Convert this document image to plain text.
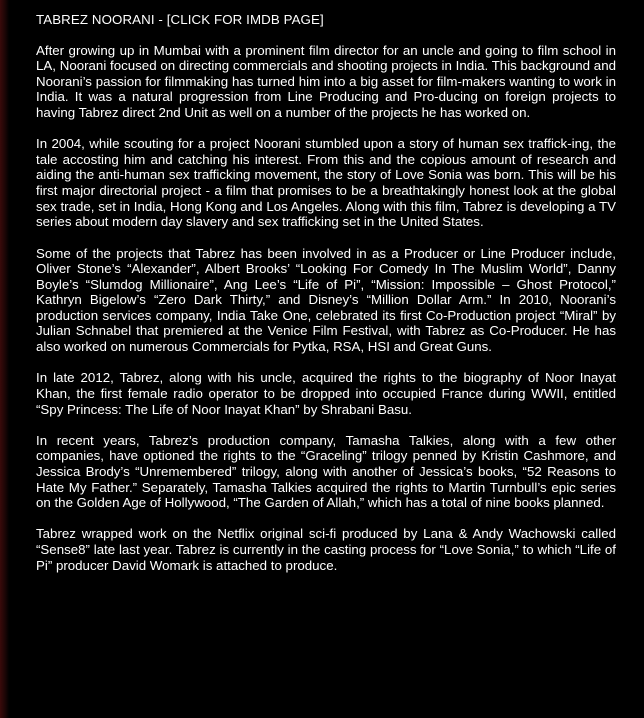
TABREZ NOORANI - [CLICK FOR IMDB PAGE]

After growing up in Mumbai with a prominent film director for an uncle and going to film school in LA, Noorani focused on directing commercials and shooting projects in India. This background and Noorani’s passion for filmmaking has turned him into a big asset for film-makers wanting to work in India. It was a natural progression from Line Producing and Pro-ducing on foreign projects to having Tabrez direct 2nd Unit as well on a number of the projects he has worked on.

In 2004, while scouting for a project Noorani stumbled upon a story of human sex traffick-ing, the tale accosting him and catching his interest. From this and the copious amount of research and aiding the anti-human sex trafficking movement, the story of Love Sonia was born. This will be his first major directorial project - a film that promises to be a breathtakingly honest look at the global sex trade, set in India, Hong Kong and Los Angeles. Along with this film, Tabrez is developing a TV series about modern day slavery and sex trafficking set in the United States.

Some of the projects that Tabrez has been involved in as a Producer or Line Producer include, Oliver Stone’s “Alexander”, Albert Brooks’ “Looking For Comedy In The Muslim World”, Danny Boyle’s “Slumdog Millionaire”, Ang Lee’s “Life of Pi”, “Mission: Impossible – Ghost Protocol,” Kathryn Bigelow’s “Zero Dark Thirty,” and Disney’s “Million Dollar Arm.” In 2010, Noorani’s production services company, India Take One, celebrated its first Co-Production project “Miral” by Julian Schnabel that premiered at the Venice Film Festival, with Tabrez as Co-Producer. He has also worked on numerous Commercials for Pytka, RSA, HSI and Great Guns.

In late 2012, Tabrez, along with his uncle, acquired the rights to the biography of Noor Inayat Khan, the first female radio operator to be dropped into occupied France during WWII, entitled “Spy Princess: The Life of Noor Inayat Khan” by Shrabani Basu.

In recent years, Tabrez’s production company, Tamasha Talkies, along with a few other companies, have optioned the rights to the “Graceling” trilogy penned by Kristin Cashmore, and Jessica Brody’s “Unremembered” trilogy, along with another of Jessica’s books, “52 Reasons to Hate My Father.” Separately, Tamasha Talkies acquired the rights to Martin Turnbull’s epic series on the Golden Age of Hollywood, “The Garden of Allah,” which has a total of nine books planned.

Tabrez wrapped work on the Netflix original sci-fi produced by Lana & Andy Wachowski called “Sense8” late last year. Tabrez is currently in the casting process for “Love Sonia,” to which “Life of Pi” producer David Womark is attached to produce.
